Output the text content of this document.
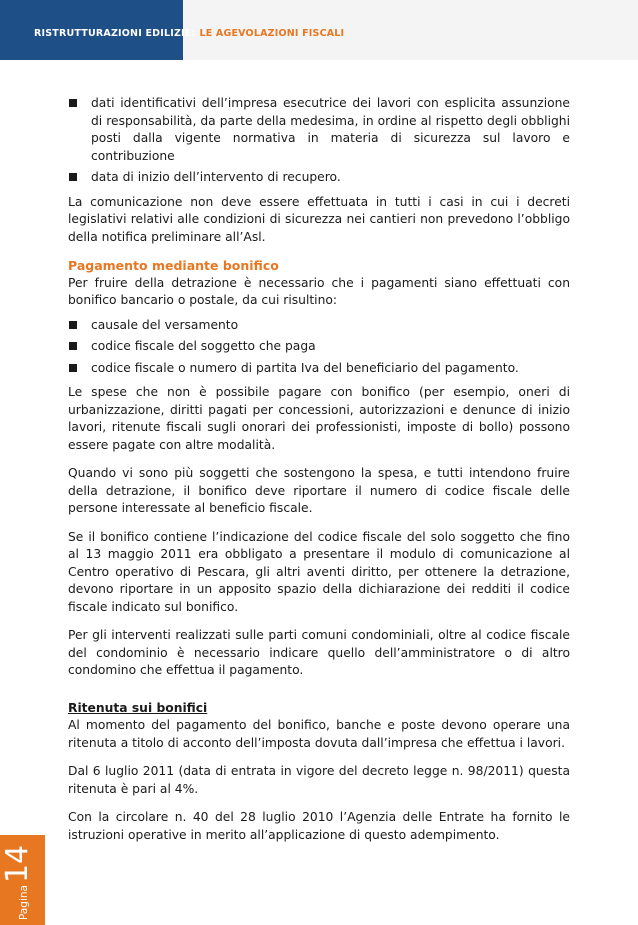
RISTRUTTURAZIONI EDILIZIE: LE AGEVOLAZIONI FISCALI
Pagina
14
dati identificativi dell’impresa esecutrice dei lavori con esplicita assunzione di responsabilità, da parte della medesima, in ordine al rispetto degli obblighi posti dalla vigente normativa in materia di sicurezza sul lavoro e contribuzione
data di inizio dell’intervento di recupero.

La comunicazione non deve essere effettuata in tutti i casi in cui i decreti legislativi relativi alle condizioni di sicurezza nei cantieri non prevedono l’obbligo della notifica preliminare all’Asl.

Pagamento mediante bonifico

Per fruire della detrazione è necessario che i pagamenti siano effettuati con bonifico bancario o postale, da cui risultino:

causale del versamento
codice fiscale del soggetto che paga
codice fiscale o numero di partita Iva del beneficiario del pagamento.

Le spese che non è possibile pagare con bonifico (per esempio, oneri di urbanizzazione, diritti pagati per concessioni, autorizzazioni e denunce di inizio lavori, ritenute fiscali sugli onorari dei professionisti, imposte di bollo) possono essere pagate con altre modalità.

Quando vi sono più soggetti che sostengono la spesa, e tutti intendono fruire della detrazione, il bonifico deve riportare il numero di codice fiscale delle persone interessate al beneficio fiscale.

Se il bonifico contiene l’indicazione del codice fiscale del solo soggetto che fino al 13 maggio 2011 era obbligato a presentare il modulo di comunicazione al Centro operativo di Pescara, gli altri aventi diritto, per ottenere la detrazione, devono riportare in un apposito spazio della dichiarazione dei redditi il codice fiscale indicato sul bonifico.

Per gli interventi realizzati sulle parti comuni condominiali, oltre al codice fiscale del condominio è necessario indicare quello dell’amministratore o di altro condomino che effettua il pagamento.

Ritenuta sui bonifici

Al momento del pagamento del bonifico, banche e poste devono operare una ritenuta a titolo di acconto dell’imposta dovuta dall’impresa che effettua i lavori.

Dal 6 luglio 2011 (data di entrata in vigore del decreto legge n. 98/2011) questa ritenuta è pari al 4%.

Con la circolare n. 40 del 28 luglio 2010 l’Agenzia delle Entrate ha fornito le istruzioni operative in merito all’applicazione di questo adempimento.
